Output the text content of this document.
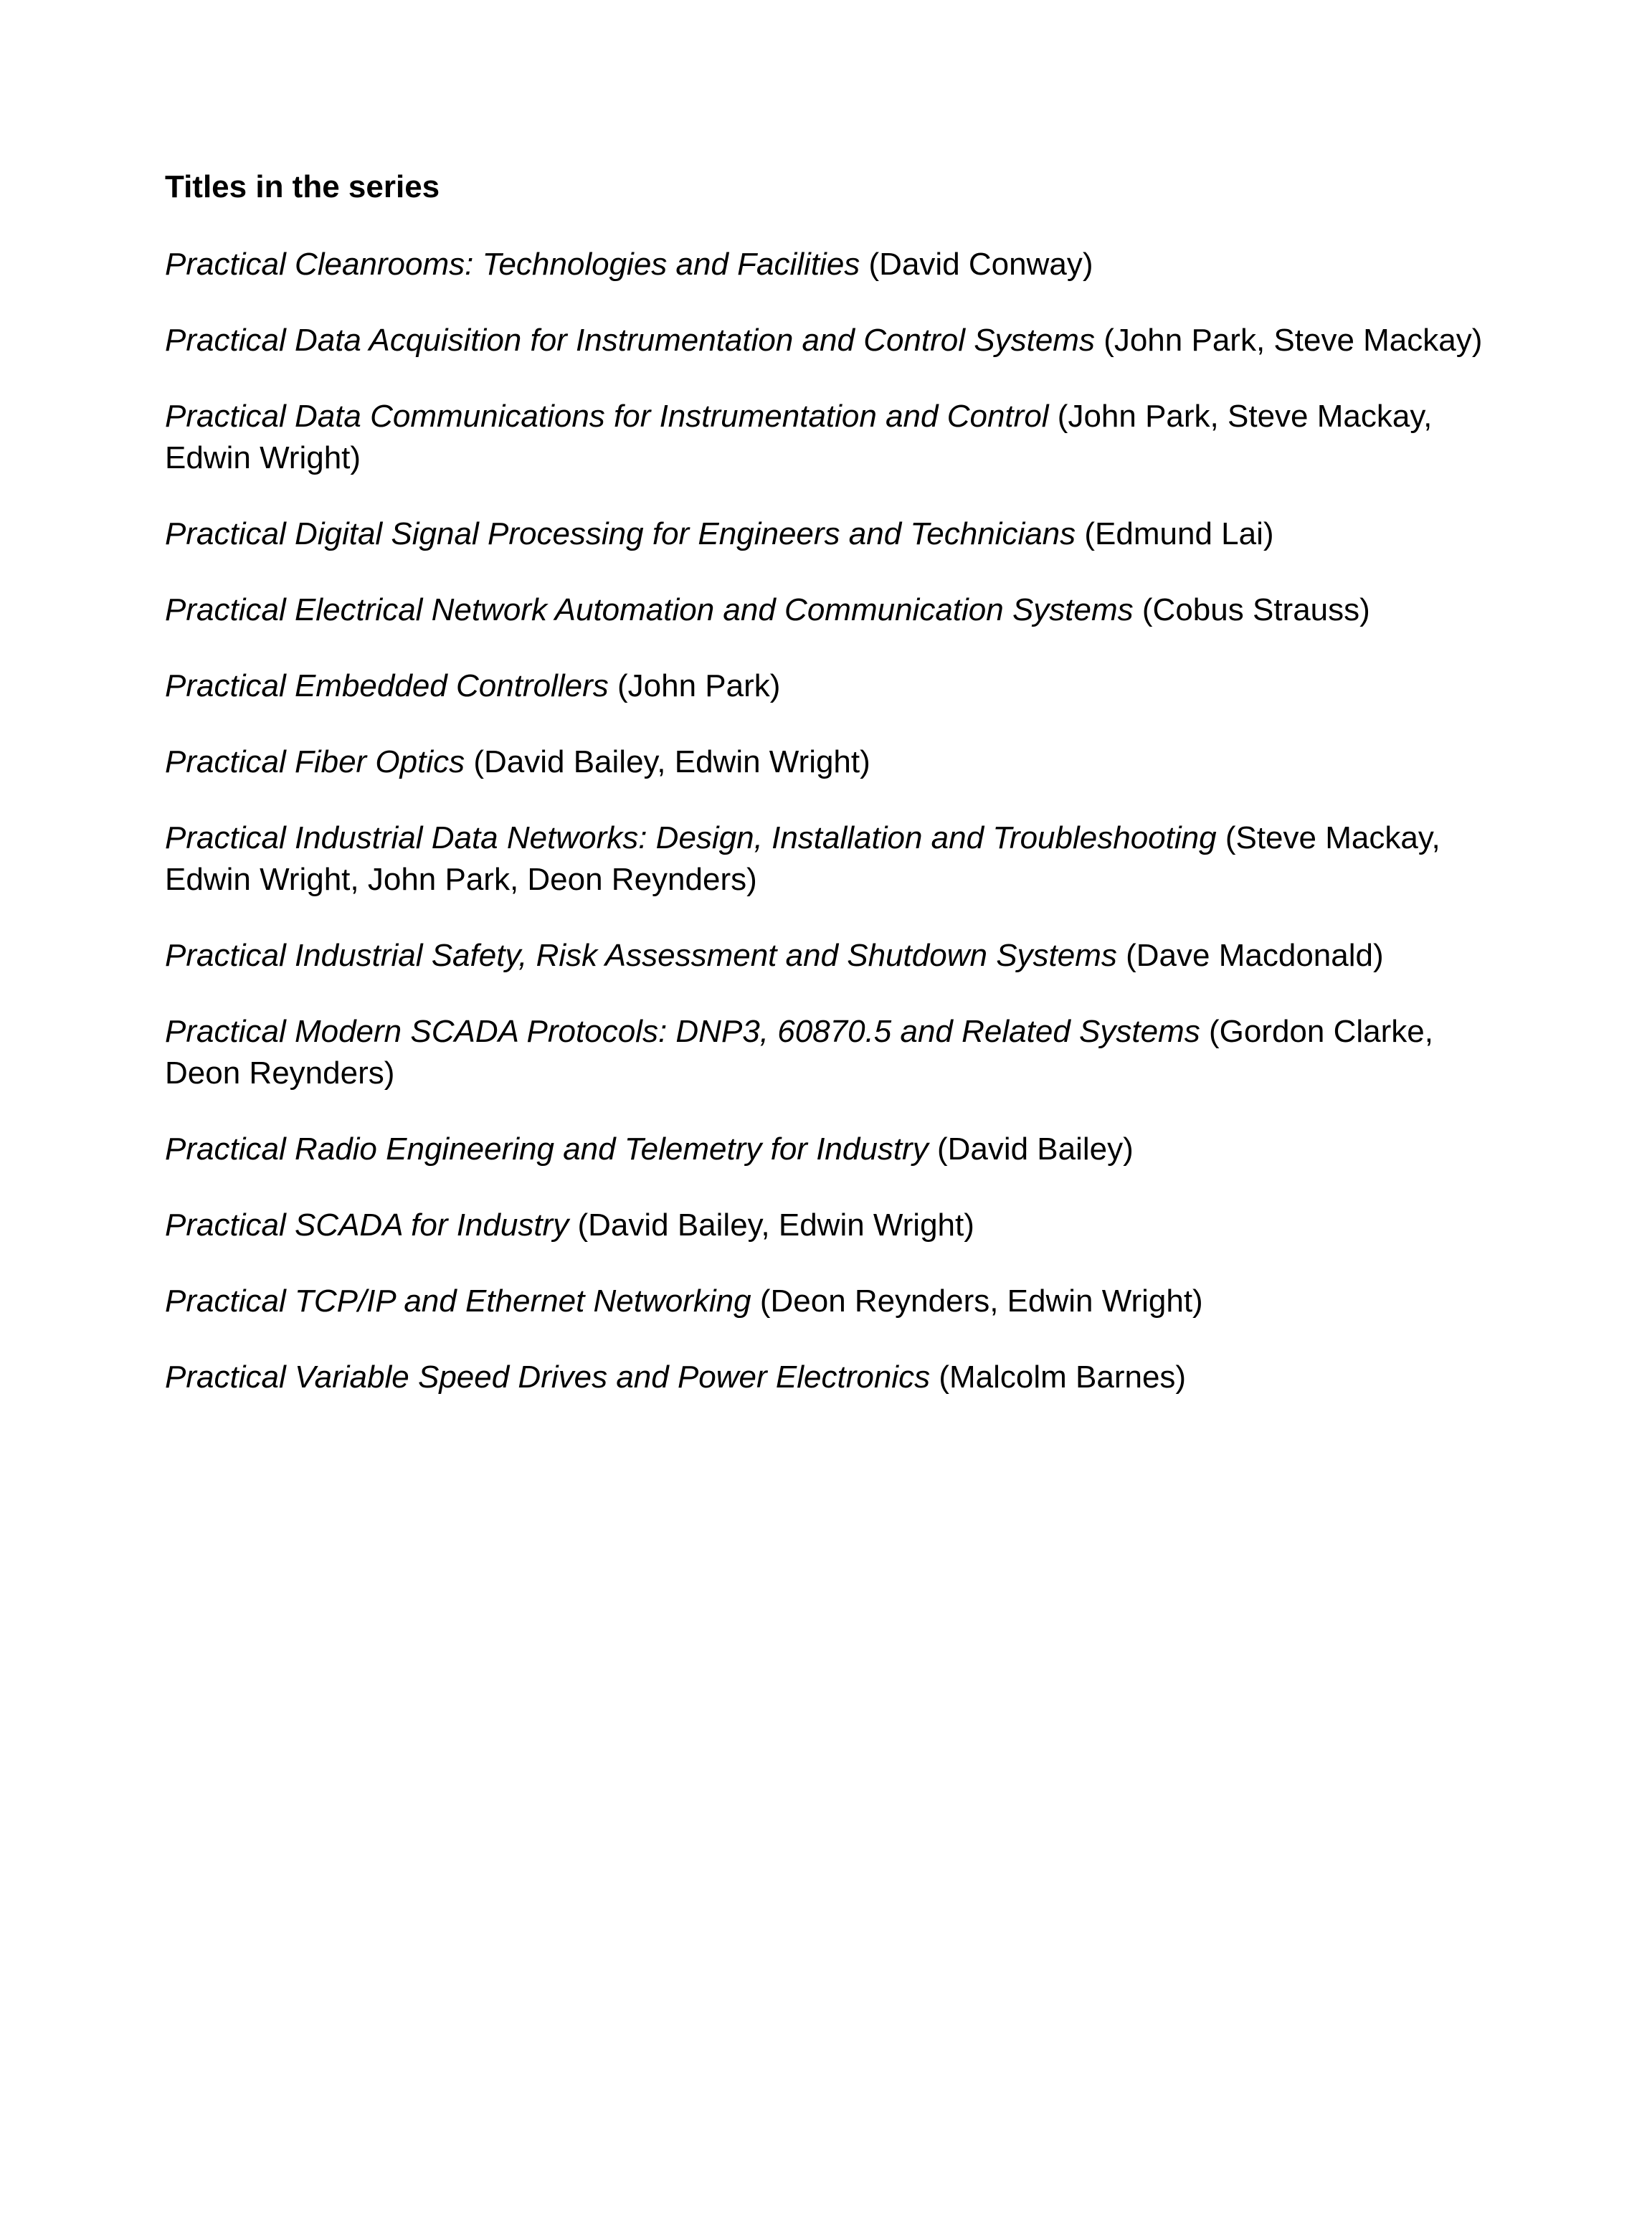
Titles in the series

Practical Cleanrooms: Technologies and Facilities (David Conway)

Practical Data Acquisition for Instrumentation and Control Systems (John Park, Steve Mackay)

Practical Data Communications for Instrumentation and Control (John Park, Steve Mackay, Edwin Wright)

Practical Digital Signal Processing for Engineers and Technicians (Edmund Lai)

Practical Electrical Network Automation and Communication Systems (Cobus Strauss)

Practical Embedded Controllers (John Park)

Practical Fiber Optics (David Bailey, Edwin Wright)

Practical Industrial Data Networks: Design, Installation and Troubleshooting (Steve Mackay, Edwin Wright, John Park, Deon Reynders)

Practical Industrial Safety, Risk Assessment and Shutdown Systems (Dave Macdonald)

Practical Modern SCADA Protocols: DNP3, 60870.5 and Related Systems (Gordon Clarke, Deon Reynders)

Practical Radio Engineering and Telemetry for Industry (David Bailey)

Practical SCADA for Industry (David Bailey, Edwin Wright)

Practical TCP/IP and Ethernet Networking (Deon Reynders, Edwin Wright)

Practical Variable Speed Drives and Power Electronics (Malcolm Barnes)
